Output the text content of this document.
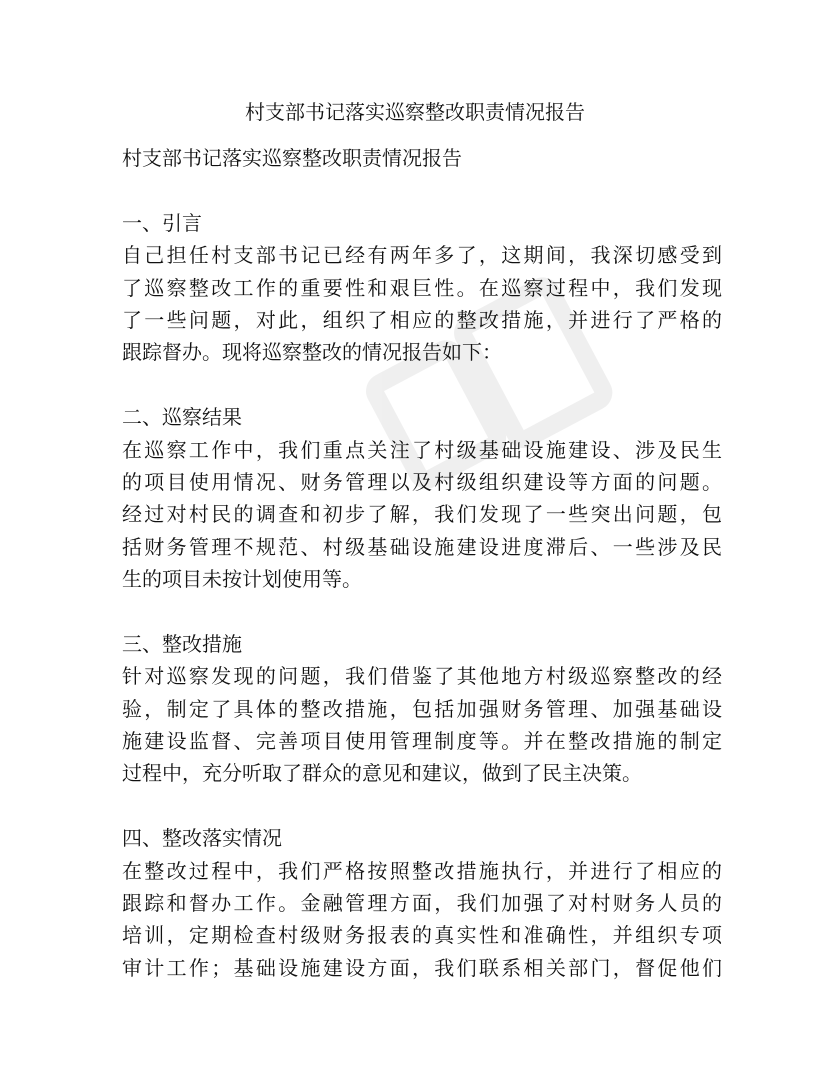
村支部书记落实巡察整改职责情况报告
村支部书记落实巡察整改职责情况报告
一、引言
自己担任村支部书记已经有两年多了，这期间，我深切感受到
了巡察整改工作的重要性和艰巨性。在巡察过程中，我们发现
了一些问题，对此，组织了相应的整改措施，并进行了严格的
跟踪督办。现将巡察整改的情况报告如下：
二、巡察结果
在巡察工作中，我们重点关注了村级基础设施建设、涉及民生
的项目使用情况、财务管理以及村级组织建设等方面的问题。
经过对村民的调查和初步了解，我们发现了一些突出问题，包
括财务管理不规范、村级基础设施建设进度滞后、一些涉及民
生的项目未按计划使用等。
三、整改措施
针对巡察发现的问题，我们借鉴了其他地方村级巡察整改的经
验，制定了具体的整改措施，包括加强财务管理、加强基础设
施建设监督、完善项目使用管理制度等。并在整改措施的制定
过程中，充分听取了群众的意见和建议，做到了民主决策。
四、整改落实情况
在整改过程中，我们严格按照整改措施执行，并进行了相应的
跟踪和督办工作。金融管理方面，我们加强了对村财务人员的
培训，定期检查村级财务报表的真实性和准确性，并组织专项
审计工作；基础设施建设方面，我们联系相关部门，督促他们
